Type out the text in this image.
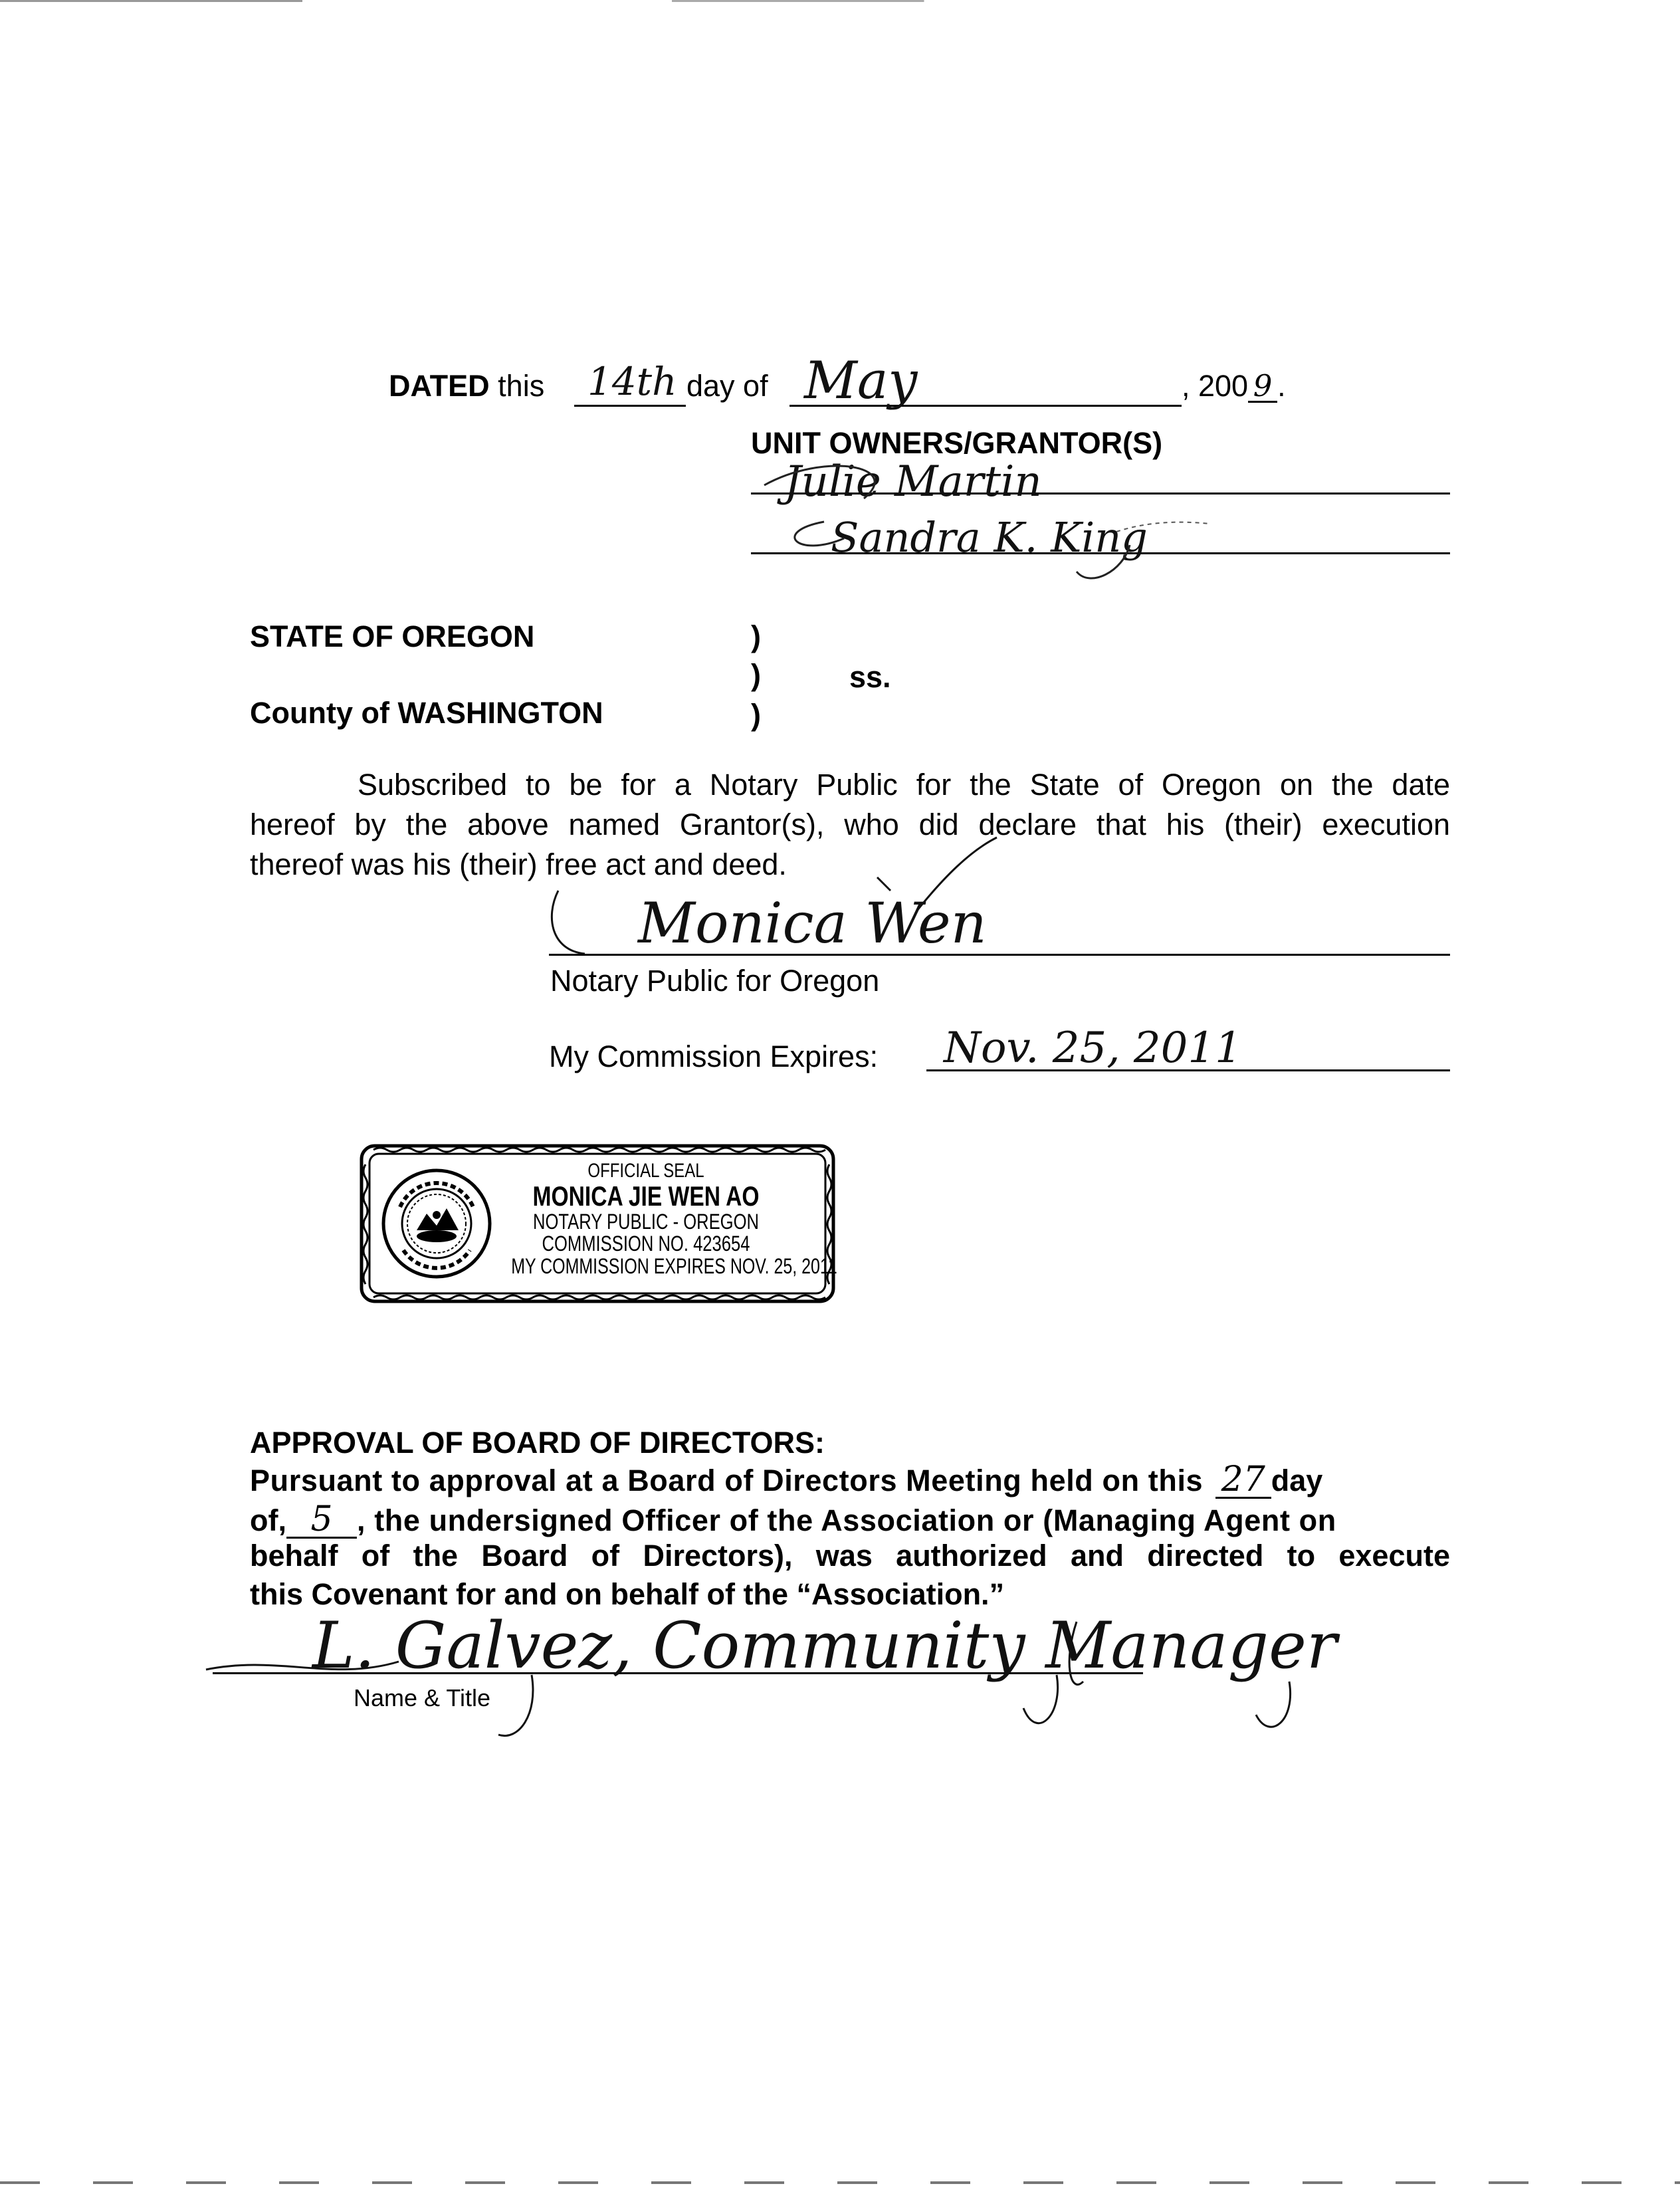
DATED this 14th day of May	, 200 9 .
UNIT OWNERS/GRANTOR(S)
Julie Martin
Sandra K. King
STATE OF OREGON
County of WASHINGTON
)
)
)
ss.
Subscribed to be for a Notary Public for the State of Oregon on the date
hereof by the above named Grantor(s), who did declare that his (their) execution
thereof was his (their) free act and deed.
Monica Wen
Notary Public for Oregon
My Commission Expires: Nov. 25, 2011
OFFICIAL SEAL
MONICA JIE WEN AO
NOTARY PUBLIC - OREGON
COMMISSION NO. 423654
MY COMMISSION EXPIRES NOV. 25, 2011
APPROVAL OF BOARD OF DIRECTORS:
Pursuant to approval at a Board of Directors Meeting held on this 27 day
of, 5 , the undersigned Officer of the Association or (Managing Agent on
behalf of the Board of Directors), was authorized and directed to execute
this Covenant for and on behalf of the “Association.”
L. Galvez, Community Manager
Name & Title
